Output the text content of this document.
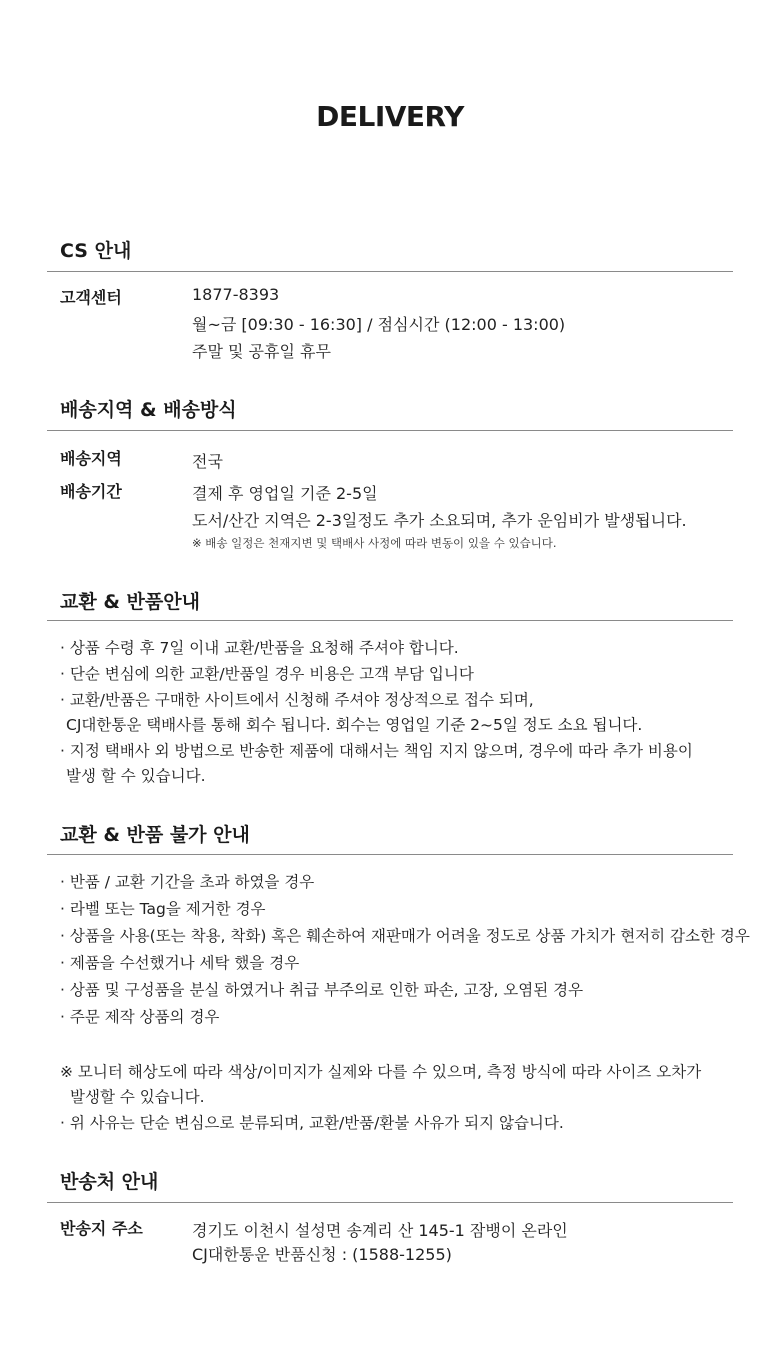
DELIVERY
CS 안내
고객센터	1877-8393
월~금 [09:30 - 16:30] / 점심시간 (12:00 - 13:00)
주말 및 공휴일 휴무
배송지역 & 배송방식
배송지역	전국
배송기간	결제 후 영업일 기준 2-5일
도서/산간 지역은 2-3일정도 추가 소요되며, 추가 운임비가 발생됩니다.
※ 배송 일정은 천재지변 및 택배사 사정에 따라 변동이 있을 수 있습니다.
교환 & 반품안내
· 상품 수령 후 7일 이내 교환/반품을 요청해 주셔야 합니다.
· 단순 변심에 의한 교환/반품일 경우 비용은 고객 부담 입니다
· 교환/반품은 구매한 사이트에서 신청해 주셔야 정상적으로 접수 되며,
CJ대한통운 택배사를 통해 회수 됩니다. 회수는 영업일 기준 2~5일 정도 소요 됩니다.
· 지정 택배사 외 방법으로 반송한 제품에 대해서는 책임 지지 않으며, 경우에 따라 추가 비용이
발생 할 수 있습니다.
교환 & 반품 불가 안내
· 반품 / 교환 기간을 초과 하였을 경우
· 라벨 또는 Tag을 제거한 경우
· 상품을 사용(또는 착용, 착화) 혹은 훼손하여 재판매가 어려울 정도로 상품 가치가 현저히 감소한 경우
· 제품을 수선했거나 세탁 했을 경우
· 상품 및 구성품을 분실 하였거나 취급 부주의로 인한 파손, 고장, 오염된 경우
· 주문 제작 상품의 경우
※ 모니터 해상도에 따라 색상/이미지가 실제와 다를 수 있으며, 측정 방식에 따라 사이즈 오차가
발생할 수 있습니다.
· 위 사유는 단순 변심으로 분류되며, 교환/반품/환불 사유가 되지 않습니다.
반송처 안내
반송지 주소	경기도 이천시 설성면 송계리 산 145-1 잠뱅이 온라인
CJ대한통운 반품신청 : (1588-1255)
